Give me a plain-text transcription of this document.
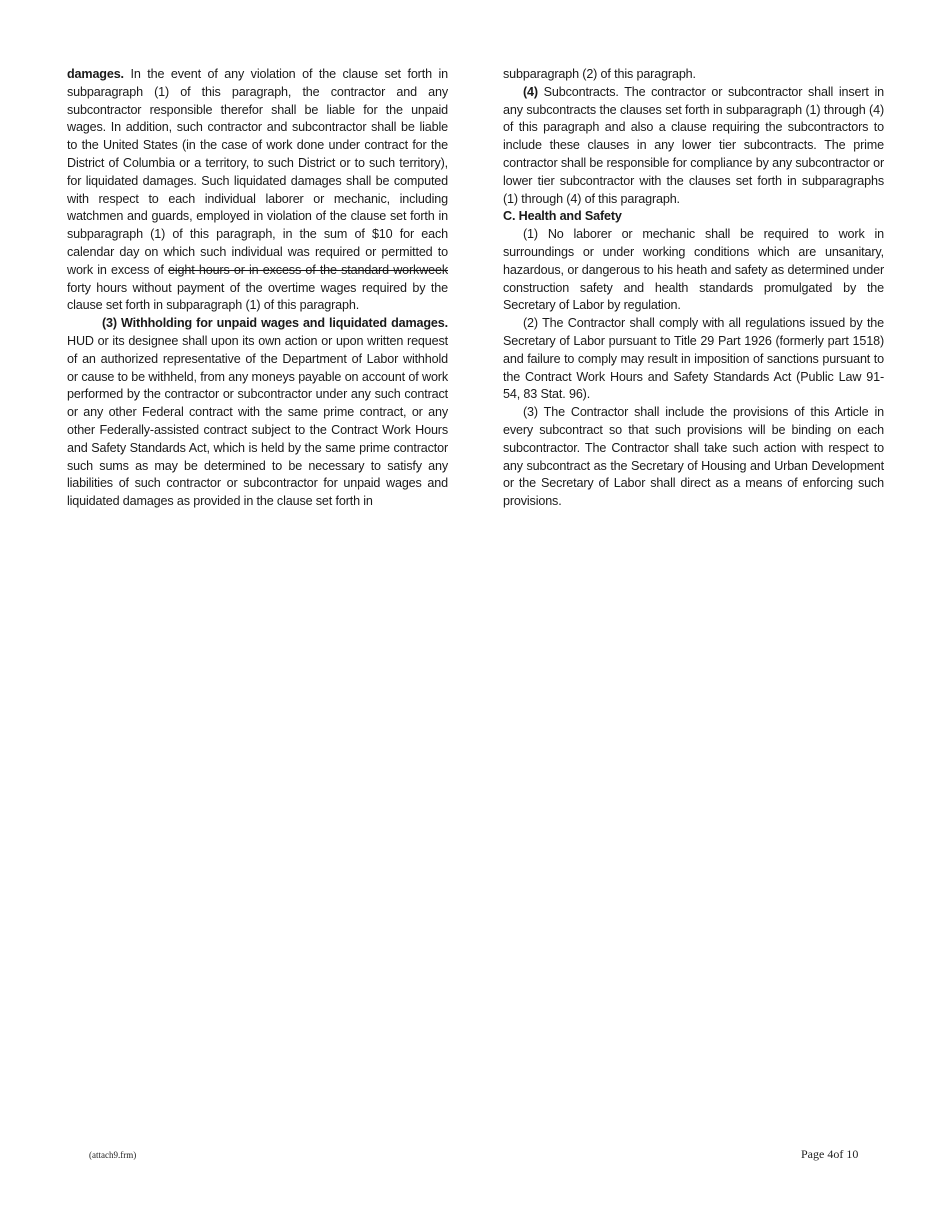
damages. In the event of any violation of the clause set forth in subparagraph (1) of this paragraph, the contractor and any subcontractor responsible therefor shall be liable for the unpaid wages. In addition, such contractor and subcontractor shall be liable to the United States (in the case of work done under contract for the District of Columbia or a territory, to such District or to such territory), for liquidated damages. Such liquidated damages shall be computed with respect to each individual laborer or mechanic, including watchmen and guards, employed in violation of the clause set forth in subparagraph (1) of this paragraph, in the sum of $10 for each calendar day on which such individual was required or permitted to work in excess of eight hours or in excess of the standard workweek forty hours without payment of the overtime wages required by the clause set forth in subparagraph (1) of this paragraph.

(3) Withholding for unpaid wages and liquidated damages. HUD or its designee shall upon its own action or upon written request of an authorized representative of the Department of Labor withhold or cause to be withheld, from any moneys payable on account of work performed by the contractor or subcontractor under any such contract or any other Federal contract with the same prime contract, or any other Federally-assisted contract subject to the Contract Work Hours and Safety Standards Act, which is held by the same prime contractor such sums as may be determined to be necessary to satisfy any liabilities of such contractor or subcontractor for unpaid wages and liquidated damages as provided in the clause set forth in

subparagraph (2) of this paragraph.

(4) Subcontracts. The contractor or subcontractor shall insert in any subcontracts the clauses set forth in subparagraph (1) through (4) of this paragraph and also a clause requiring the subcontractors to include these clauses in any lower tier subcontracts. The prime contractor shall be responsible for compliance by any subcontractor or lower tier subcontractor with the clauses set forth in subparagraphs (1) through (4) of this paragraph.

C. Health and Safety

(1) No laborer or mechanic shall be required to work in surroundings or under working conditions which are unsanitary, hazardous, or dangerous to his heath and safety as determined under construction safety and health standards promulgated by the Secretary of Labor by regulation.

(2) The Contractor shall comply with all regulations issued by the Secretary of Labor pursuant to Title 29 Part 1926 (formerly part 1518) and failure to comply may result in imposition of sanctions pursuant to the Contract Work Hours and Safety Standards Act (Public Law 91-54, 83 Stat. 96).

(3) The Contractor shall include the provisions of this Article in every subcontract so that such provisions will be binding on each subcontractor. The Contractor shall take such action with respect to any subcontract as the Secretary of Housing and Urban Development or the Secretary of Labor shall direct as a means of enforcing such provisions.

(attach9.frm)	Page 4of 10
